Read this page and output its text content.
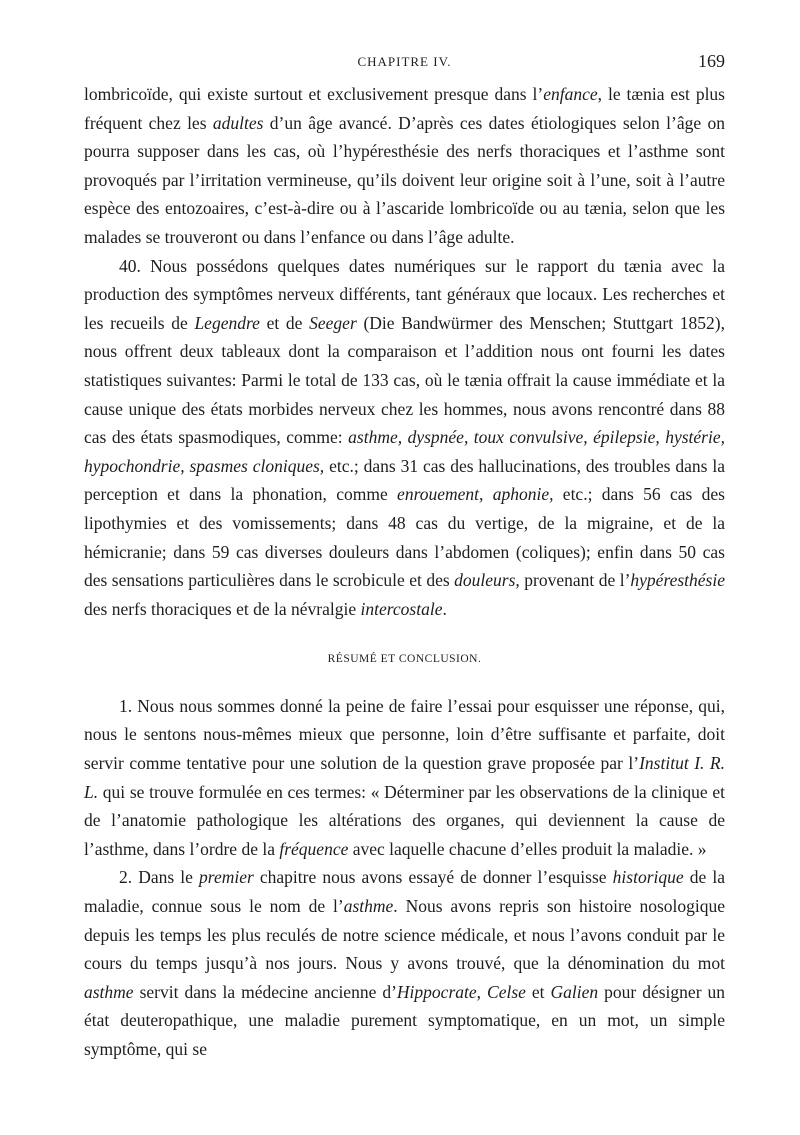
CHAPITRE IV.	169

lombricoïde, qui existe surtout et exclusivement presque dans l’enfance, le tænia est plus fréquent chez les adultes d’un âge avancé. D’après ces dates étiologiques selon l’âge on pourra supposer dans les cas, où l’hypéresthésie des nerfs thoraciques et l’asthme sont provoqués par l’irritation vermineuse, qu’ils doivent leur origine soit à l’une, soit à l’autre espèce des entozoaires, c’est-à-dire ou à l’ascaride lombricoïde ou au tænia, selon que les malades se trouveront ou dans l’enfance ou dans l’âge adulte.

40. Nous possédons quelques dates numériques sur le rapport du tænia avec la production des symptômes nerveux différents, tant généraux que locaux. Les recherches et les recueils de Legendre et de Seeger (Die Bandwürmer des Menschen; Stuttgart 1852), nous offrent deux tableaux dont la comparaison et l’addition nous ont fourni les dates statistiques suivantes: Parmi le total de 133 cas, où le tænia offrait la cause immédiate et la cause unique des états morbides nerveux chez les hommes, nous avons rencontré dans 88 cas des états spasmodiques, comme: asthme, dyspnée, toux convulsive, épilepsie, hystérie, hypochondrie, spasmes cloniques, etc.; dans 31 cas des hallucinations, des troubles dans la perception et dans la phonation, comme enrouement, aphonie, etc.; dans 56 cas des lipothymies et des vomissements; dans 48 cas du vertige, de la migraine, et de la hémicranie; dans 59 cas diverses douleurs dans l’abdomen (coliques); enfin dans 50 cas des sensations particulières dans le scrobicule et des douleurs, provenant de l’hypéresthésie des nerfs thoraciques et de la névralgie intercostale.

RÉSUMÉ ET CONCLUSION.

1. Nous nous sommes donné la peine de faire l’essai pour esquisser une réponse, qui, nous le sentons nous-mêmes mieux que personne, loin d’être suffisante et parfaite, doit servir comme tentative pour une solution de la question grave proposée par l’Institut I. R. L. qui se trouve formulée en ces termes: « Déterminer par les observations de la clinique et de l’anatomie pathologique les altérations des organes, qui deviennent la cause de l’asthme, dans l’ordre de la fréquence avec laquelle chacune d’elles produit la maladie. »

2. Dans le premier chapitre nous avons essayé de donner l’esquisse historique de la maladie, connue sous le nom de l’asthme. Nous avons repris son histoire nosologique depuis les temps les plus reculés de notre science médicale, et nous l’avons conduit par le cours du temps jusqu’à nos jours. Nous y avons trouvé, que la dénomination du mot asthme servit dans la médecine ancienne d’Hippocrate, Celse et Galien pour désigner un état deuteropathique, une maladie purement symptomatique, en un mot, un simple symptôme, qui se
